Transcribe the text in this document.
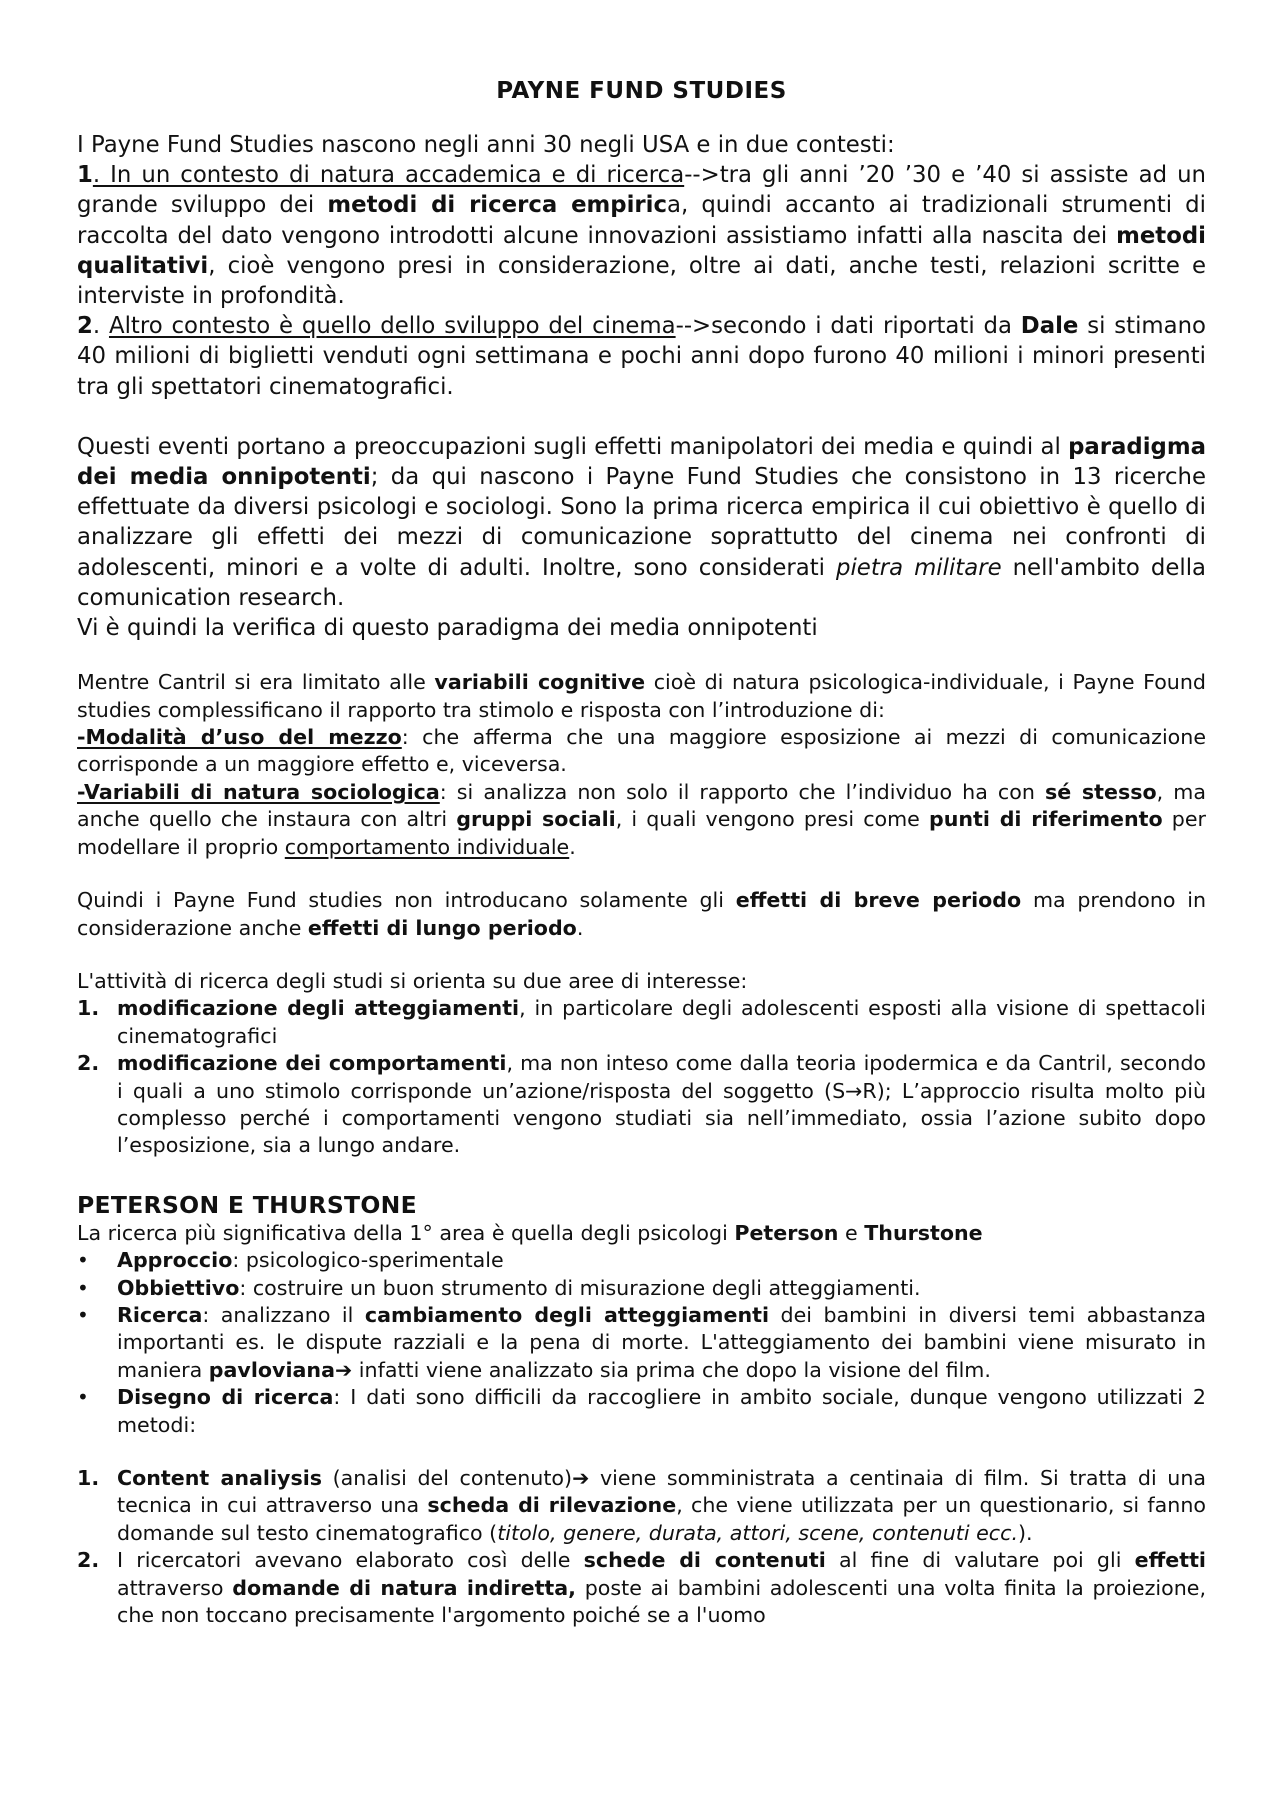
PAYNE FUND STUDIES

I Payne Fund Studies nascono negli anni 30 negli USA e in due contesti:

1. In un contesto di natura accademica e di ricerca-->tra gli anni ’20 ’30 e ’40 si assiste ad un grande sviluppo dei metodi di ricerca empirica, quindi accanto ai tradizionali strumenti di raccolta del dato vengono introdotti alcune innovazioni assistiamo infatti alla nascita dei metodi qualitativi, cioè vengono presi in considerazione, oltre ai dati, anche testi, relazioni scritte e interviste in profondità.

2. Altro contesto è quello dello sviluppo del cinema-->secondo i dati riportati da Dale si stimano 40 milioni di biglietti venduti ogni settimana e pochi anni dopo furono 40 milioni i minori presenti tra gli spettatori cinematografici.

Questi eventi portano a preoccupazioni sugli effetti manipolatori dei media e quindi al paradigma dei media onnipotenti; da qui nascono i Payne Fund Studies che consistono in 13 ricerche effettuate da diversi psicologi e sociologi. Sono la prima ricerca empirica il cui obiettivo è quello di analizzare gli effetti dei mezzi di comunicazione soprattutto del cinema nei confronti di adolescenti, minori e a volte di adulti. Inoltre, sono considerati pietra militare nell'ambito della comunication research.

Vi è quindi la verifica di questo paradigma dei media onnipotenti

Mentre Cantril si era limitato alle variabili cognitive cioè di natura psicologica-individuale, i Payne Found studies complessificano il rapporto tra stimolo e risposta con l’introduzione di:

-Modalità d’uso del mezzo: che afferma che una maggiore esposizione ai mezzi di comunicazione corrisponde a un maggiore effetto e, viceversa.

-Variabili di natura sociologica: si analizza non solo il rapporto che l’individuo ha con sé stesso, ma anche quello che instaura con altri gruppi sociali, i quali vengono presi come punti di riferimento per modellare il proprio comportamento individuale.

Quindi i Payne Fund studies non introducano solamente gli effetti di breve periodo ma prendono in considerazione anche effetti di lungo periodo.

L'attività di ricerca degli studi si orienta su due aree di interesse:

1. modificazione degli atteggiamenti, in particolare degli adolescenti esposti alla visione di spettacoli cinematografici
2. modificazione dei comportamenti, ma non inteso come dalla teoria ipodermica e da Cantril, secondo i quali a uno stimolo corrisponde un’azione/risposta del soggetto (S→R); L’approccio risulta molto più complesso perché i comportamenti vengono studiati sia nell’immediato, ossia l’azione subito dopo l’esposizione, sia a lungo andare.
PETERSON E THURSTONE

La ricerca più significativa della 1° area è quella degli psicologi Peterson e Thurstone

•	Approccio: psicologico-sperimentale
•	Obbiettivo: costruire un buon strumento di misurazione degli atteggiamenti.
•	Ricerca: analizzano il cambiamento degli atteggiamenti dei bambini in diversi temi abbastanza importanti es. le dispute razziali e la pena di morte. L'atteggiamento dei bambini viene misurato in maniera pavloviana➔ infatti viene analizzato sia prima che dopo la visione del film.
•	Disegno di ricerca: I dati sono difficili da raccogliere in ambito sociale, dunque vengono utilizzati 2 metodi:
1. Content analiysis (analisi del contenuto)➔ viene somministrata a centinaia di film. Si tratta di una tecnica in cui attraverso una scheda di rilevazione, che viene utilizzata per un questionario, si fanno domande sul testo cinematografico (titolo, genere, durata, attori, scene, contenuti ecc.).
2. I ricercatori avevano elaborato così delle schede di contenuti al fine di valutare poi gli effetti attraverso domande di natura indiretta, poste ai bambini adolescenti una volta finita la proiezione, che non toccano precisamente l'argomento poiché se a l'uomo
